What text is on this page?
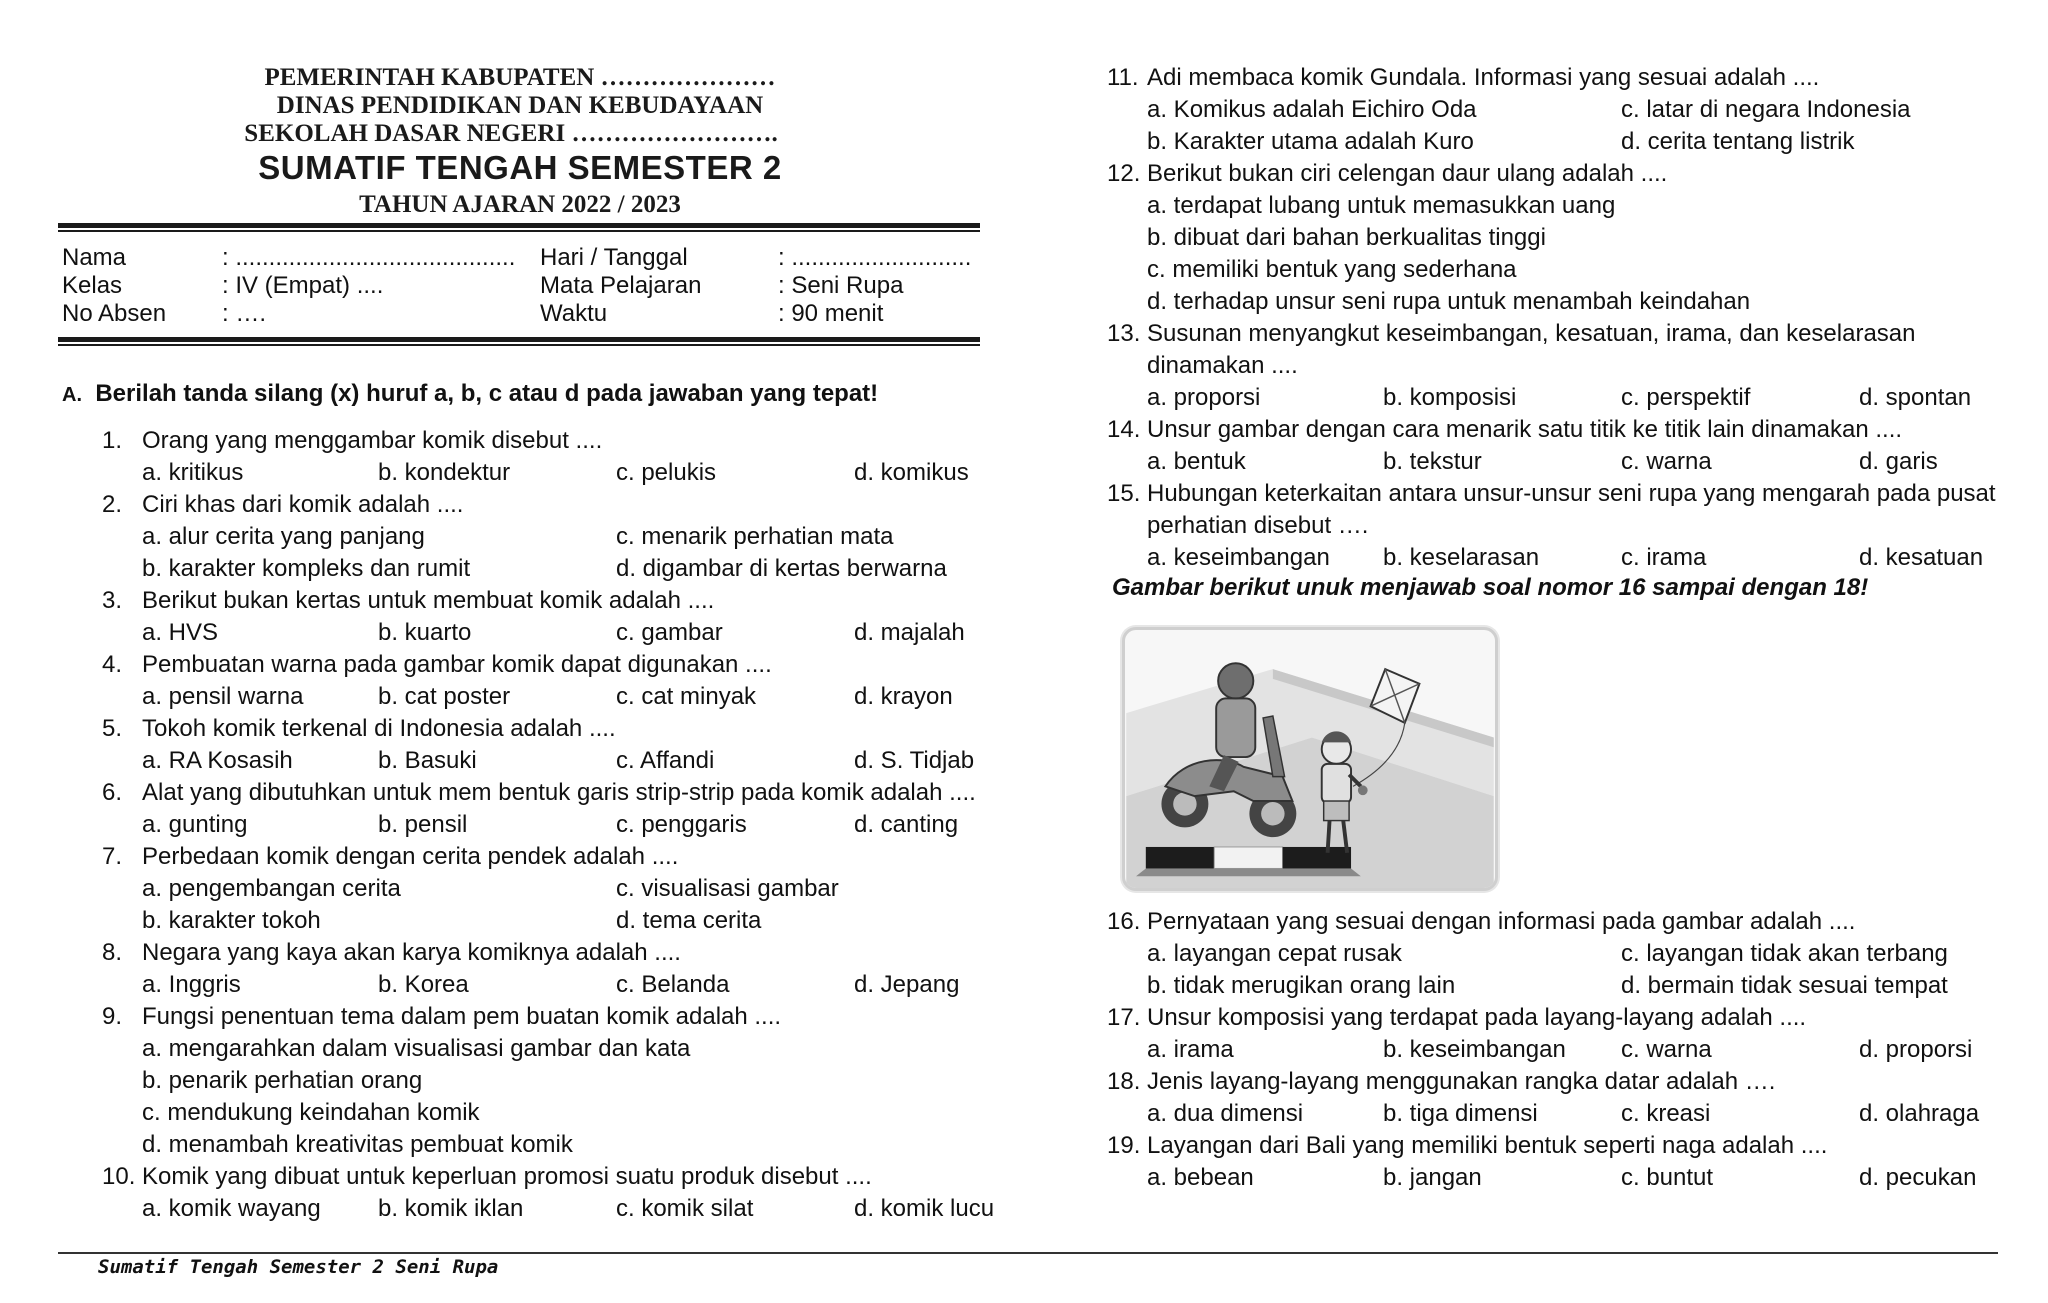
PEMERINTAH KABUPATEN …………………
DINAS PENDIDIKAN DAN KEBUDAYAAN
SEKOLAH DASAR NEGERI …………………….
SUMATIF TENGAH SEMESTER 2
TAHUN AJARAN 2022 / 2023
Nama	: .......................................... Hari / Tanggal	: ...........................
Kelas	: IV (Empat) ....	Mata Pelajaran	: Seni Rupa
No Absen : ….	Waktu	: 90 menit
A. Berilah tanda silang (x) huruf a, b, c atau d pada jawaban yang tepat!
1. Orang yang menggambar komik disebut ....
a. kritikus	b. kondektur	c. pelukis	d. komikus
2. Ciri khas dari komik adalah ....
a. alur cerita yang panjang	c. menarik perhatian mata
b. karakter kompleks dan rumit	d. digambar di kertas berwarna
3. Berikut bukan kertas untuk membuat komik adalah ....
a. HVS	b. kuarto	c. gambar	d. majalah
4. Pembuatan warna pada gambar komik dapat digunakan ....
a. pensil warna	b. cat poster	c. cat minyak	d. krayon
5. Tokoh komik terkenal di Indonesia adalah ....
a. RA Kosasih	b. Basuki	c. Affandi	d. S. Tidjab
6. Alat yang dibutuhkan untuk mem bentuk garis strip-strip pada komik adalah ....
a. gunting	b. pensil	c. penggaris	d. canting
7. Perbedaan komik dengan cerita pendek adalah ....
a. pengembangan cerita	c. visualisasi gambar
b. karakter tokoh	d. tema cerita
8. Negara yang kaya akan karya komiknya adalah ....
a. Inggris	b. Korea	c. Belanda	d. Jepang
9. Fungsi penentuan tema dalam pem buatan komik adalah ....
a. mengarahkan dalam visualisasi gambar dan kata
b. penarik perhatian orang
c. mendukung keindahan komik
d. menambah kreativitas pembuat komik
10. Komik yang dibuat untuk keperluan promosi suatu produk disebut ....
a. komik wayang b. komik iklan	c. komik silat	d. komik lucu
11. Adi membaca komik Gundala. Informasi yang sesuai adalah ....
a. Komikus adalah Eichiro Oda	c. latar di negara Indonesia
b. Karakter utama adalah Kuro	d. cerita tentang listrik
12. Berikut bukan ciri celengan daur ulang adalah ....
a. terdapat lubang untuk memasukkan uang
b. dibuat dari bahan berkualitas tinggi
c. memiliki bentuk yang sederhana
d. terhadap unsur seni rupa untuk menambah keindahan
13. Susunan menyangkut keseimbangan, kesatuan, irama, dan keselarasan
dinamakan ....
a. proporsi	b. komposisi	c. perspektif	d. spontan
14. Unsur gambar dengan cara menarik satu titik ke titik lain dinamakan ....
a. bentuk	b. tekstur	c. warna	d. garis
15. Hubungan keterkaitan antara unsur-unsur seni rupa yang mengarah pada pusat
perhatian disebut ….
a. keseimbangan b. keselarasan	c. irama	d. kesatuan
Gambar berikut unuk menjawab soal nomor 16 sampai dengan 18!
16. Pernyataan yang sesuai dengan informasi pada gambar adalah ....
a. layangan cepat rusak	c. layangan tidak akan terbang
b. tidak merugikan orang lain	d. bermain tidak sesuai tempat
17. Unsur komposisi yang terdapat pada layang-layang adalah ....
a. irama	b. keseimbangan c. warna	d. proporsi
18. Jenis layang-layang menggunakan rangka datar adalah ….
a. dua dimensi	b. tiga dimensi	c. kreasi	d. olahraga
19. Layangan dari Bali yang memiliki bentuk seperti naga adalah ....
a. bebean	b. jangan	c. buntut	d. pecukan
Sumatif Tengah Semester 2 Seni Rupa
